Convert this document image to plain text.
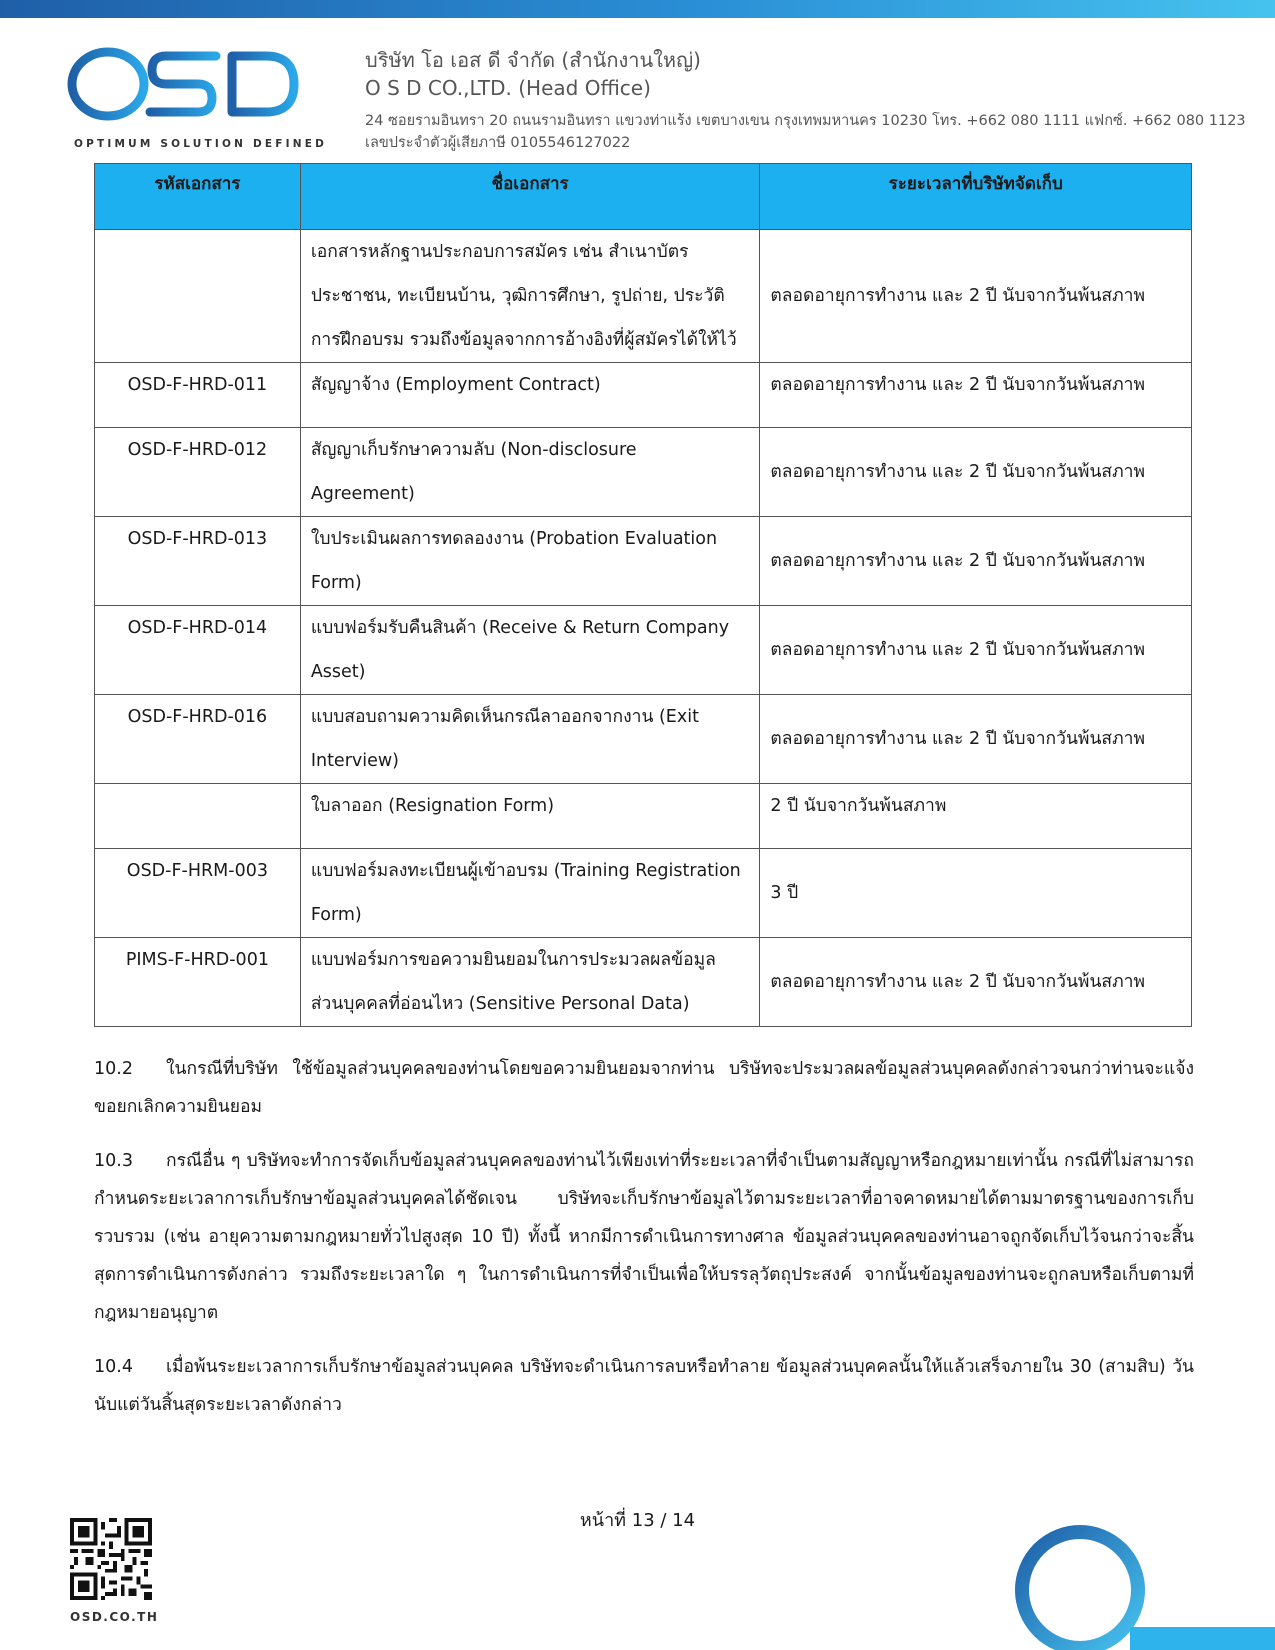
OPTIMUM SOLUTION DEFINED
บริษัท โอ เอส ดี จำกัด (สำนักงานใหญ่)
O S D CO.,LTD. (Head Office)
24 ซอยรามอินทรา 20 ถนนรามอินทรา แขวงท่าแร้ง เขตบางเขน กรุงเทพมหานคร 10230 โทร. +662 080 1111 แฟกซ์. +662 080 1123
เลขประจำตัวผู้เสียภาษี 0105546127022
รหัสเอกสาร	ชื่อเอกสาร	ระยะเวลาที่บริษัทจัดเก็บ

	เอกสารหลักฐานประกอบการสมัคร เช่น สำเนาบัตร
ประชาชน, ทะเบียนบ้าน, วุฒิการศึกษา, รูปถ่าย, ประวัติ
การฝึกอบรม รวมถึงข้อมูลจากการอ้างอิงที่ผู้สมัครได้ให้ไว้	ตลอดอายุการทำงาน และ 2 ปี นับจากวันพ้นสภาพ
OSD-F-HRD-011	สัญญาจ้าง (Employment Contract)	ตลอดอายุการทำงาน และ 2 ปี นับจากวันพ้นสภาพ
OSD-F-HRD-012	สัญญาเก็บรักษาความลับ (Non-disclosure
Agreement)	ตลอดอายุการทำงาน และ 2 ปี นับจากวันพ้นสภาพ
OSD-F-HRD-013	ใบประเมินผลการทดลองงาน (Probation Evaluation
Form)	ตลอดอายุการทำงาน และ 2 ปี นับจากวันพ้นสภาพ
OSD-F-HRD-014	แบบฟอร์มรับคืนสินค้า (Receive & Return Company
Asset)	ตลอดอายุการทำงาน และ 2 ปี นับจากวันพ้นสภาพ
OSD-F-HRD-016	แบบสอบถามความคิดเห็นกรณีลาออกจากงาน (Exit
Interview)	ตลอดอายุการทำงาน และ 2 ปี นับจากวันพ้นสภาพ

	ใบลาออก (Resignation Form)	2 ปี นับจากวันพ้นสภาพ
OSD-F-HRM-003	แบบฟอร์มลงทะเบียนผู้เข้าอบรม (Training Registration
Form)	3 ปี
PIMS-F-HRD-001	แบบฟอร์มการขอความยินยอมในการประมวลผลข้อมูล
ส่วนบุคคลที่อ่อนไหว (Sensitive Personal Data)	ตลอดอายุการทำงาน และ 2 ปี นับจากวันพ้นสภาพ

10.2 ในกรณีที่บริษัท ใช้ข้อมูลส่วนบุคคลของท่านโดยขอความยินยอมจากท่าน บริษัทจะประมวลผลข้อมูลส่วนบุคคลดังกล่าวจนกว่าท่านจะแจ้งขอยกเลิกความยินยอม

10.3 กรณีอื่น ๆ บริษัทจะทำการจัดเก็บข้อมูลส่วนบุคคลของท่านไว้เพียงเท่าที่ระยะเวลาที่จำเป็นตามสัญญาหรือกฎหมายเท่านั้น กรณีที่ไม่สามารถกำหนดระยะเวลาการเก็บรักษาข้อมูลส่วนบุคคลได้ชัดเจน บริษัทจะเก็บรักษาข้อมูลไว้ตามระยะเวลาที่อาจคาดหมายได้ตามมาตรฐานของการเก็บรวบรวม (เช่น อายุความตามกฎหมายทั่วไปสูงสุด 10 ปี) ทั้งนี้ หากมีการดำเนินการทางศาล ข้อมูลส่วนบุคคลของท่านอาจถูกจัดเก็บไว้จนกว่าจะสิ้นสุดการดำเนินการดังกล่าว รวมถึงระยะเวลาใด ๆ ในการดำเนินการที่จำเป็นเพื่อให้บรรลุวัตถุประสงค์ จากนั้นข้อมูลของท่านจะถูกลบหรือเก็บตามที่กฎหมายอนุญาต

10.4 เมื่อพ้นระยะเวลาการเก็บรักษาข้อมูลส่วนบุคคล บริษัทจะดำเนินการลบหรือทำลาย ข้อมูลส่วนบุคคลนั้นให้แล้วเสร็จภายใน 30 (สามสิบ) วัน นับแต่วันสิ้นสุดระยะเวลาดังกล่าว

หน้าที่ 13 / 14
OSD.CO.TH
